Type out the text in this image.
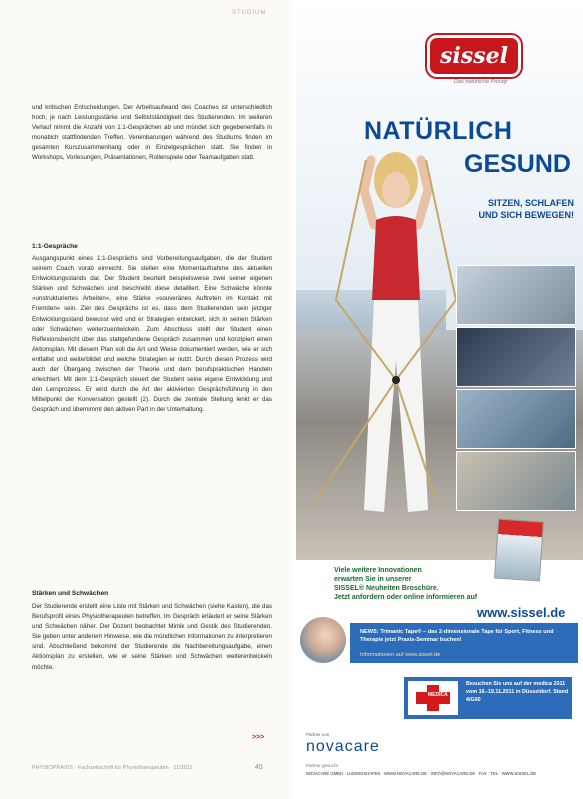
STUDIUM
und kritischen Entscheidungen. Der Arbeitsaufwand des Coaches ist unterschiedlich hoch, je nach Leistungsstärke und Selbstständigkeit des Studierenden. Im weiteren Verlauf nimmt die Anzahl von 1:1-Gesprächen ab und mündet sich gegebenenfalls in monatlich stattfindenden Treffen. Vereinbarungen während des Studiums finden im gesamten Kurszusammenhang oder in Einzelgesprächen statt. Sie finden in Workshops, Vorlesungen, Präsentationen, Rollenspiele oder Teamaufgaben statt.
1:1-Gespräche
Ausgangspunkt eines 1:1-Gesprächs sind Vorbereitungsaufgaben, die der Student seinem Coach vorab einreicht. Sie stellen eine Momentaufnahme des aktuellen Entwicklungsstands dar. Der Student beurteilt beispielsweise zwei seiner eigenen Stärken und Schwächen und beschreibt diese detailliert. Eine Schwäche könnte »unstrukturiertes Arbeiten«, eine Stärke »souveränes Auftreten im Kontakt mit Fremden« sein. Ziel des Gesprächs ist es, dass dem Studierenden sein jetziger Entwicklungsstand bewusst wird und er Strategien entwickelt, sich in seinen Stärken oder Schwächen weiterzuentwickeln. Zum Abschluss stellt der Student einen Reflexionsbericht über das stattgefundene Gespräch zusammen und konzipiert einen Aktionsplan. Mit diesem Plan soll die Art und Weise dokumentiert werden, wie er sich entfaltet und weiterbildet und welche Strategien er nutzt. Durch diesen Prozess wird auch der Übergang zwischen der Theorie und dem berufspraktischen Handeln erleichtert. Mit dem 1:1-Gespräch steuert der Student seine eigene Entwicklung und den Lernprozess. Er wird durch die Art der aktivierten Gesprächsführung in den Mittelpunkt der Konversation gestellt (2). Durch die zentrale Stellung lenkt er das Gespräch und übernimmt den aktiven Part in der Unterhaltung.
Stärken und Schwächen
Der Studierende erstellt eine Liste mit Stärken und Schwächen (siehe Kasten), die das Berufsprofil eines Physiotherapeuten betreffen. Im Gespräch erläutert er seine Stärken und Schwächen näher. Der Dozent beobachtet Mimik und Gestik des Studierenden. Sie geben unter anderem Hinweise, wie die mündlichen Informationen zu interpretieren sind. Abschließend bekommt der Studierende die Nachbereitungsaufgabe, einen Aktionsplan zu erstellen, wie er seine Stärken und Schwächen weiterentwickeln möchte.
>>>
PHYSIOPRAXIS · Fachzeitschrift für Physiotherapeuten · 11/2011	45
sissel
Das natürliche Prinzip
NATÜRLICH
GESUND
SITZEN, SCHLAFEN
UND SICH BEWEGEN!
Viele weitere Innovationen
erwarten Sie in unserer
SISSEL® Neuheiten Broschüre.
Jetzt anfordern oder online informieren auf
www.sissel.de
NEWS: Trimanic Tape® – das 2-dimensionale Tape für Sport, Fitness und Therapie jetzt Praxis-Seminar buchen!
Informationen auf www.sissel.de
MEDICA
Besuchen Sie uns auf der medica 2011 vom 16.-19.11.2011 in Düsseldorf. Stand 4/G60
Partner von
novacare
Partner gesucht
NOVACARE GMBH · LUDWIGSHAFEN · WWW.NOVACARE.DE · INFO@NOVACARE.DE · FAX · TEL · WWW.SISSEL.DE
